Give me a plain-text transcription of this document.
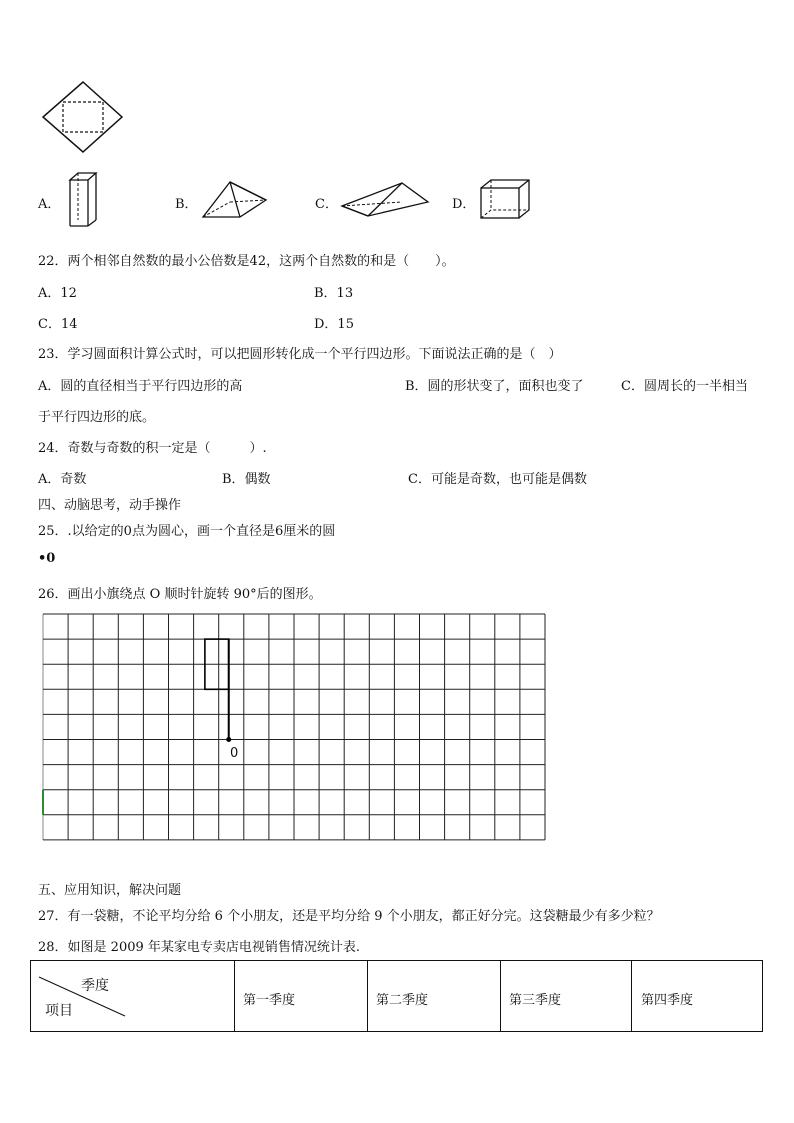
A．	B．	C．	D．
22．两个相邻自然数的最小公倍数是42，这两个自然数的和是（　　）。
A．12	B．13
C．14	D．15
23．学习圆面积计算公式时，可以把圆形转化成一个平行四边形。下面说法正确的是（　）
A．圆的直径相当于平行四边形的高	B．圆的形状变了，面积也变了	C．圆周长的一半相当
于平行四边形的底。
24．奇数与奇数的积一定是（　　　）.
A．奇数	B．偶数	C．可能是奇数，也可能是偶数
四、动脑思考，动手操作
25．.以给定的0点为圆心，画一个直径是6厘米的圆
•0
26．画出小旗绕点 O 顺时针旋转 90°后的图形。
0
五、应用知识，解决问题
27．有一袋糖，不论平均分给 6 个小朋友，还是平均分给 9 个小朋友，都正好分完。这袋糖最少有多少粒？
28．如图是 2009 年某家电专卖店电视销售情况统计表.
季度
项目
第一季度	第二季度	第三季度	第四季度
